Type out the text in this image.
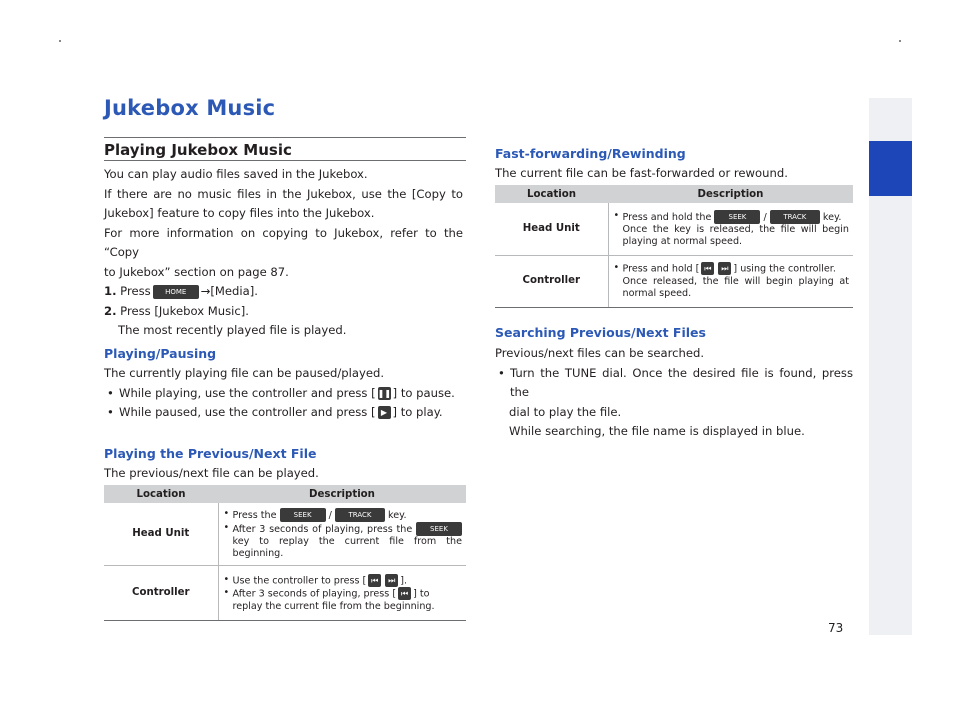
Jukebox Music
Playing Jukebox Music
You can play audio files saved in the Jukebox.
If there are no music files in the Jukebox, use the [Copy to
Jukebox] feature to copy files into the Jukebox.
For more information on copying to Jukebox, refer to the “Copy
to Jukebox” section on page 87.
1. Press HOME →[Media].
2. Press [Jukebox Music].
The most recently played file is played.
Playing/Pausing
The currently playing file can be paused/played.
• While playing, use the controller and press [ ❚❚ ] to pause.
• While paused, use the controller and press [ ▶ ] to play.
Playing the Previous/Next File
The previous/next file can be played.
Location	Description
Head Unit	• Press the SEEK / TRACK key.
• After 3 seconds of playing, press the SEEK key to replay the current file from the beginning.

Controller	• Use the controller to press [ ⏮ ⏭ ].
• After 3 seconds of playing, press [ ⏮ ] to
replay the current file from the beginning.
Fast-forwarding/Rewinding
The current file can be fast-forwarded or rewound.
Location	Description
Head Unit	• Press and hold the SEEK / TRACK key.
Once the key is released, the file will begin playing at normal speed.

Controller	• Press and hold [ ⏮ ⏭ ] using the controller.
Once released, the file will begin playing at normal speed.
Searching Previous/Next Files
Previous/next files can be searched.
• Turn the TUNE dial. Once the desired file is found, press the
dial to play the file.
While searching, the file name is displayed in blue.
73
